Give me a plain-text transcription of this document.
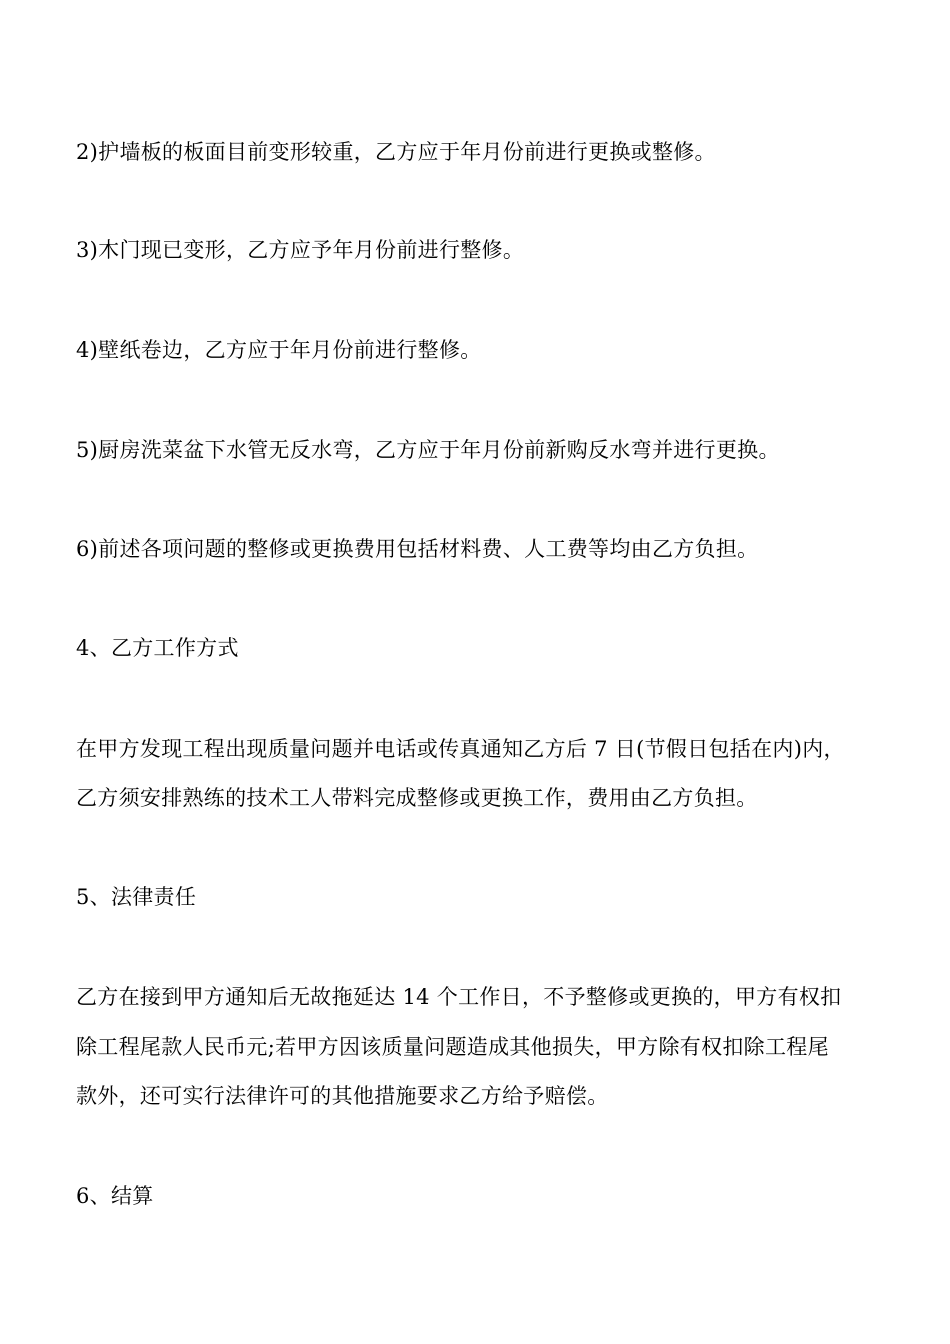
2)护墙板的板面目前变形较重，乙方应于年月份前进行更换或整修。
3)木门现已变形，乙方应予年月份前进行整修。
4)壁纸卷边，乙方应于年月份前进行整修。
5)厨房洗菜盆下水管无反水弯，乙方应于年月份前新购反水弯并进行更换。
6)前述各项问题的整修或更换费用包括材料费、人工费等均由乙方负担。
4、乙方工作方式
在甲方发现工程出现质量问题并电话或传真通知乙方后 7 日(节假日包括在内)内，
乙方须安排熟练的技术工人带料完成整修或更换工作，费用由乙方负担。
5、法律责任
乙方在接到甲方通知后无故拖延达 14 个工作日，不予整修或更换的，甲方有权扣
除工程尾款人民币元;若甲方因该质量问题造成其他损失，甲方除有权扣除工程尾
款外，还可实行法律许可的其他措施要求乙方给予赔偿。
6、结算
